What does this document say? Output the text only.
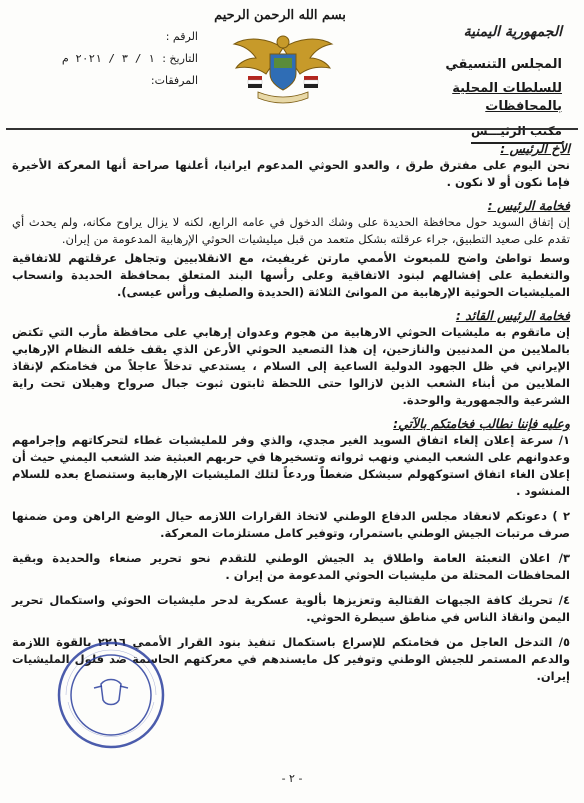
الجمهورية اليمنية
المجلس التنسيقي
للسلطات المحلية بالمحافظات
مكتب الرئيـــس
بسم الله الرحمن الرحيم
الرقم :
التاريخ : ١ / ٣ / ٢٠٢١ م
المرفقات:

الأخ الرئيس :

نحن اليوم على مفترق طرق ، والعدو الحوثي المدعوم ايرانيا، أعلنها صراحة أنها المعركة الأخيرة فإما نكون أو لا نكون .

فخامة الرئيس :

إن إتفاق السويد حول محافظة الحديدة على وشك الدخول في عامه الرابع، لكنه لا يزال يراوح مكانه، ولم يحدث أي تقدم على صعيد التطبيق، جراء عرقلته بشكل متعمد من قبل ميليشيات الحوثي الإرهابية المدعومة من إيران.

وسط تواطئ واضح للمبعوث الأممي مارتن غريفيث، مع الانقلابيين وتجاهل عرقلتهم للاتفاقية والتغطية على إفشالهم لبنود الاتفاقية وعلى رأسها البند المتعلق بمحافظة الحديدة وانسحاب الميليشيات الحوثية الإرهابية من الموانئ الثلاثة (الحديدة والصليف ورأس عيسى).

فخامة الرئيس القائد :

إن ماتقوم به مليشيات الحوثي الارهابية من هجوم وعدوان إرهابي على محافظة مأرب التي تكتض بالملايين من المدنيين والنازحين، إن هذا التصعيد الحوثي الأرعن الذي يقف خلفه النظام الإرهابي الإيراني في ظل الجهود الدولية الساعية إلى السلام ، يستدعي تدخلاً عاجلاً من فخامتكم لإنقاذ الملايين من أبناء الشعب الذين لازالوا حتى اللحظة ثابتون ثبوت جبال صرواح وهيلان تحت راية الشرعية والجمهورية والوحدة.

وعليه فإننا نطالب فخامتكم بالآتي:

١/ سرعة إعلان إلغاء اتفاق السويد الغير مجدي، والذي وفر للمليشيات غطاء لتحركاتهم وإجرامهم وعدوانهم على الشعب اليمني ونهب ثرواته وتسخيرها في حربهم العبثية ضد الشعب اليمني حيث أن إعلان الغاء اتفاق استوكهولم سيشكل ضغطاً وردعاً لتلك المليشيات الإرهابية وستنصاع بعده للسلام المنشود .

٢ ) دعوتكم لانعقاد مجلس الدفاع الوطني لاتخاذ القرارات اللازمه حيال الوضع الراهن ومن ضمنها صرف مرتبات الجيش الوطني باستمرار، وتوفير كامل مستلزمات المعركة.

٣/ اعلان التعبئة العامة واطلاق يد الجيش الوطني للتقدم نحو تحرير صنعاء والحديدة وبقية المحافظات المحتلة من مليشيات الحوثي المدعومة من إيران .

٤/ تحريك كافة الجبهات القتالية وتعزيزها بألوية عسكرية لدحر مليشيات الحوثي واستكمال تحرير اليمن وانقاذ الناس في مناطق سيطرة الحوثي.

٥/ التدخل العاجل من فخامتكم للإسراع باستكمال تنفيذ بنود القرار الأممي ٢٢١٦ بالقوة اللازمة والدعم المستمر للجيش الوطني وتوفير كل مايسندهم في معركتهم الحاسمة ضد فلول المليشيات إيران.

- ٢ -
